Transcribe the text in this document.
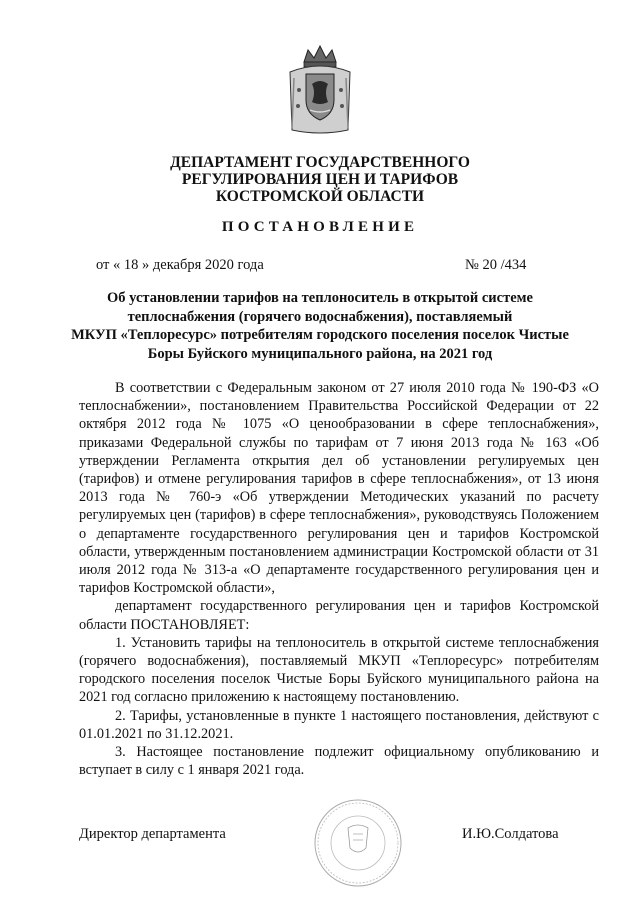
ДЕПАРТАМЕНТ ГОСУДАРСТВЕННОГО
РЕГУЛИРОВАНИЯ ЦЕН И ТАРИФОВ
КОСТРОМСКОЙ ОБЛАСТИ
ПОСТАНОВЛЕНИЕ
от « 18 » декабря 2020 года	№ 20 /434
Об установлении тарифов на теплоноситель в открытой системе
теплоснабжения (горячего водоснабжения), поставляемый
МКУП «Теплоресурс» потребителям городского поселения поселок Чистые
Боры Буйского муниципального района, на 2021 год

В соответствии с Федеральным законом от 27 июля 2010 года № 190-ФЗ «О теплоснабжении», постановлением Правительства Российской Федерации от 22 октября 2012 года № 1075 «О ценообразовании в сфере теплоснабжения», приказами Федеральной службы по тарифам от 7 июня 2013 года № 163 «Об утверждении Регламента открытия дел об установлении регулируемых цен (тарифов) и отмене регулирования тарифов в сфере теплоснабжения», от 13 июня 2013 года № 760-э «Об утверждении Методических указаний по расчету регулируемых цен (тарифов) в сфере теплоснабжения», руководствуясь Положением о департаменте государственного регулирования цен и тарифов Костромской области, утвержденным постановлением администрации Костромской области от 31 июля 2012 года № 313-а «О департаменте государственного регулирования цен и тарифов Костромской области»,

департамент государственного регулирования цен и тарифов Костромской области ПОСТАНОВЛЯЕТ:

1. Установить тарифы на теплоноситель в открытой системе теплоснабжения (горячего водоснабжения), поставляемый МКУП «Теплоресурс» потребителям городского поселения поселок Чистые Боры Буйского муниципального района на 2021 год согласно приложению к настоящему постановлению.

2. Тарифы, установленные в пункте 1 настоящего постановления, действуют с 01.01.2021 по 31.12.2021.

3. Настоящее постановление подлежит официальному опубликованию и вступает в силу с 1 января 2021 года.

Директор департамента	И.Ю.Солдатова
